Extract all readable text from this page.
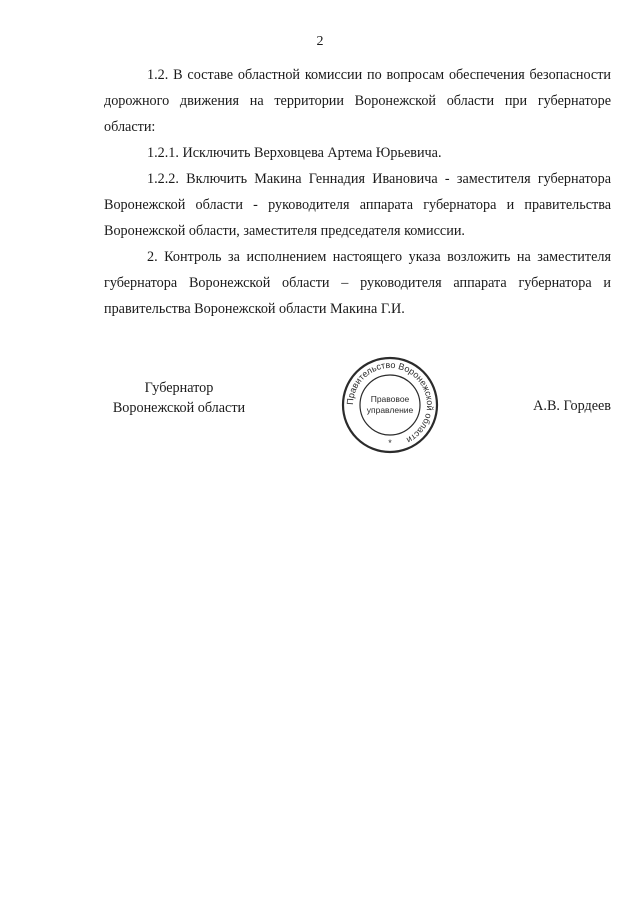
2

1.2. В составе областной комиссии по вопросам обеспечения безопасности дорожного движения на территории Воронежской области при губернаторе области:

1.2.1. Исключить Верховцева Артема Юрьевича.

1.2.2. Включить Макина Геннадия Ивановича - заместителя губернатора Воронежской области - руководителя аппарата губернатора и правительства Воронежской области, заместителя председателя комиссии.

2. Контроль за исполнением настоящего указа возложить на заместителя губернатора Воронежской области – руководителя аппарата губернатора и правительства Воронежской области Макина Г.И.

Губернатор
Воронежской области	Правительство Воронежской области
Правовое
управление
*
А.В. Гордеев
